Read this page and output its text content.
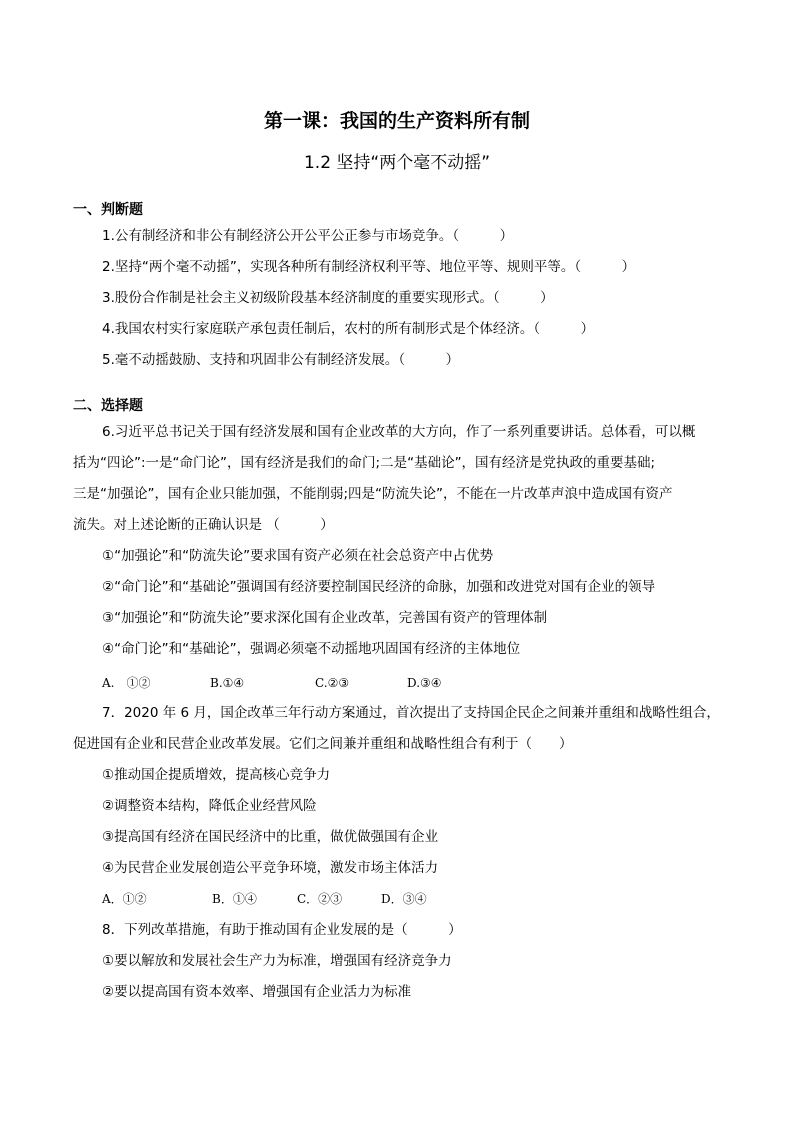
第一课：我国的生产资料所有制
1.2 坚持“两个毫不动摇”
一、判断题
1.公有制经济和非公有制经济公开公平公正参与市场竞争。（　　　）
2.坚持“两个毫不动摇”，实现各种所有制经济权利平等、地位平等、规则平等。（　　　）
3.股份合作制是社会主义初级阶段基本经济制度的重要实现形式。（　　　）
4.我国农村实行家庭联产承包责任制后，农村的所有制形式是个体经济。（　　　）
5.毫不动摇鼓励、支持和巩固非公有制经济发展。（　　　）
二、选择题
6.习近平总书记关于国有经济发展和国有企业改革的大方向，作了一系列重要讲话。总体看，可以概
括为“四论”:一是“命门论”，国有经济是我们的命门;二是“基础论”，国有经济是党执政的重要基础;
三是“加强论”，国有企业只能加强，不能削弱;四是“防流失论”，不能在一片改革声浪中造成国有资产
流失。对上述论断的正确认识是 （　　　）
①“加强论”和“防流失论”要求国有资产必须在社会总资产中占优势
②“命门论”和“基础论”强调国有经济要控制国民经济的命脉，加强和改进党对国有企业的领导
③“加强论”和“防流失论”要求深化国有企业改革，完善国有资产的管理体制
④“命门论”和“基础论”，强调必须毫不动摇地巩固国有经济的主体地位
A.　①②	B.①④	C.②③	D.③④
7．2020 年 6 月，国企改革三年行动方案通过，首次提出了支持国企民企之间兼并重组和战略性组合，
促进国有企业和民营企业改革发展。它们之间兼并重组和战略性组合有利于（　　）
①推动国企提质增效，提高核心竞争力
②调整资本结构，降低企业经营风险
③提高国有经济在国民经济中的比重，做优做强国有企业
④为民营企业发展创造公平竞争环境，激发市场主体活力
A．①②	B．①④	C．②③	D．③④
8．下列改革措施，有助于推动国有企业发展的是（　　　）
①要以解放和发展社会生产力为标准，增强国有经济竞争力
②要以提高国有资本效率、增强国有企业活力为标准
